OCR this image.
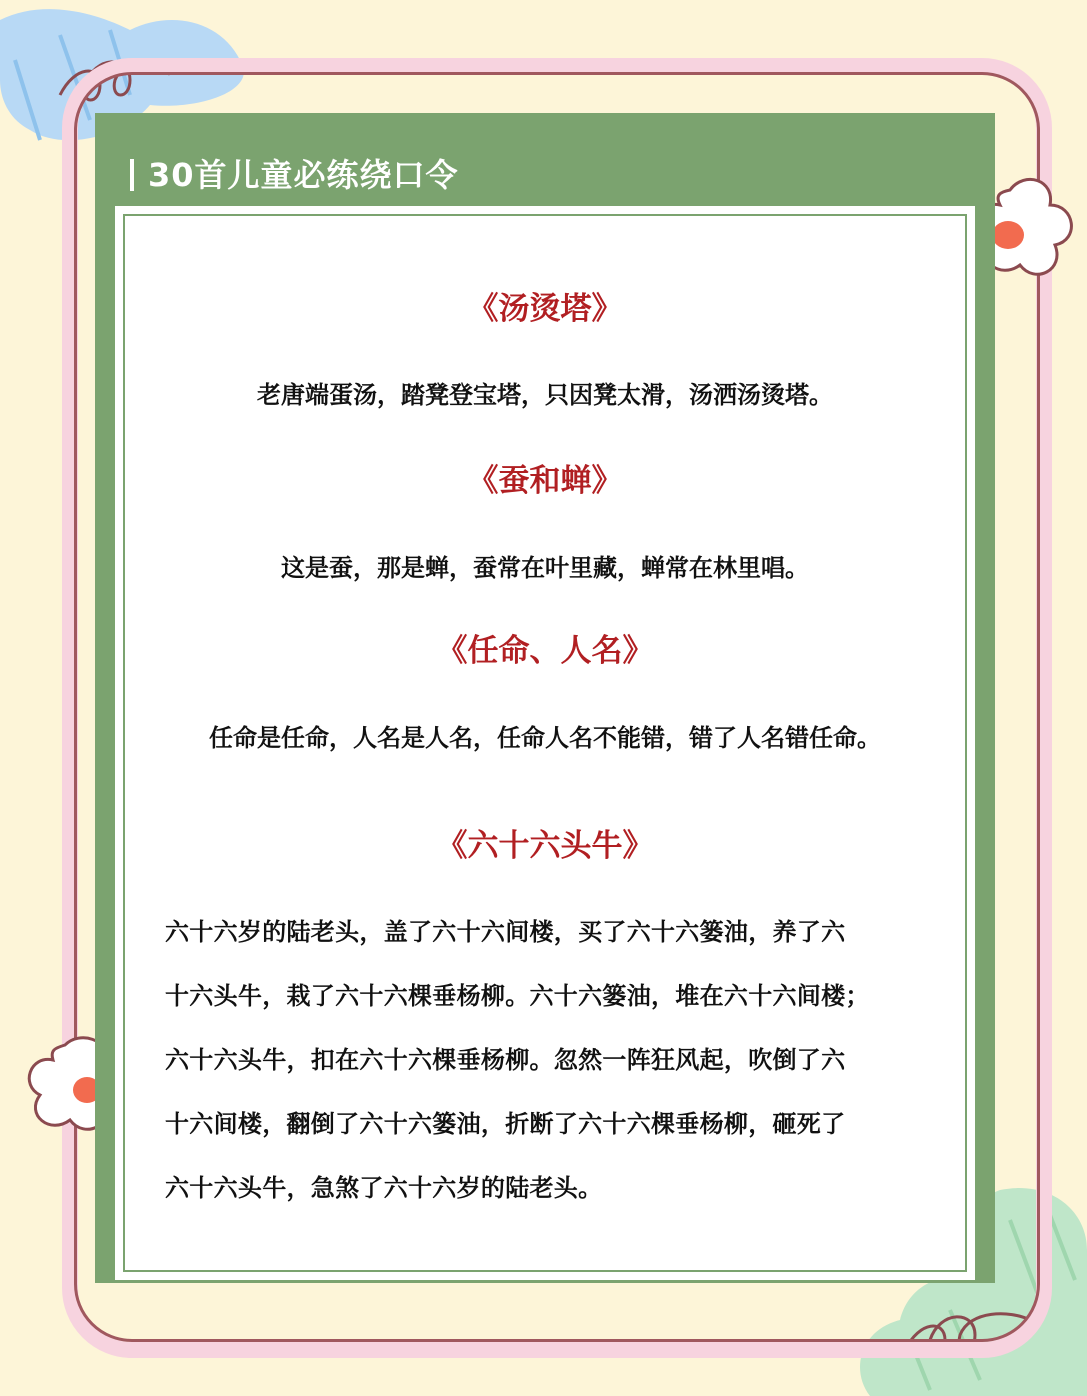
30首儿童必练绕口令
《汤烫塔》
老唐端蛋汤，踏凳登宝塔，只因凳太滑，汤洒汤烫塔。
《蚕和蝉》
这是蚕，那是蝉，蚕常在叶里藏，蝉常在林里唱。
《任命、人名》
任命是任命，人名是人名，任命人名不能错，错了人名错任命。
《六十六头牛》
六十六岁的陆老头，盖了六十六间楼，买了六十六篓油，养了六
十六头牛，栽了六十六棵垂杨柳。六十六篓油，堆在六十六间楼；
六十六头牛，扣在六十六棵垂杨柳。忽然一阵狂风起，吹倒了六
十六间楼，翻倒了六十六篓油，折断了六十六棵垂杨柳，砸死了
六十六头牛，急煞了六十六岁的陆老头。
